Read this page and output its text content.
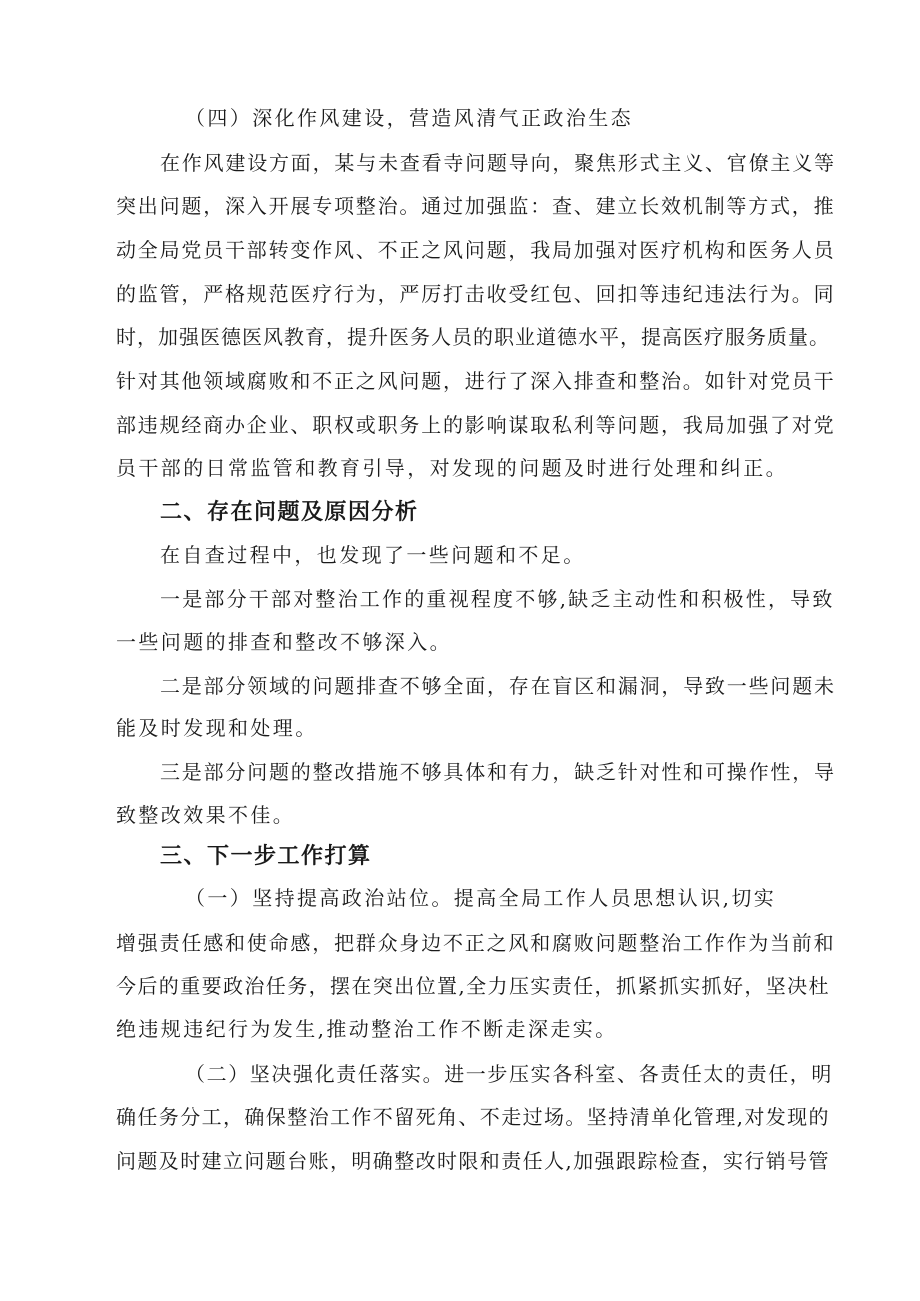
（四）深化作风建设，营造风清气正政治生态
在作风建设方面，某与未查看寺问题导向，聚焦形式主义、官僚主义等
突出问题，深入开展专项整治。通过加强监：查、建立长效机制等方式，推
动全局党员干部转变作风、不正之风问题，我局加强对医疗机构和医务人员
的监管，严格规范医疗行为，严厉打击收受红包、回扣等违纪违法行为。同
时，加强医德医风教育，提升医务人员的职业道德水平，提高医疗服务质量。
针对其他领域腐败和不正之风问题，进行了深入排查和整治。如针对党员干
部违规经商办企业、职权或职务上的影响谋取私利等问题，我局加强了对党
员干部的日常监管和教育引导，对发现的问题及时进行处理和纠正。
二、存在问题及原因分析
在自查过程中，也发现了一些问题和不足。
一是部分干部对整治工作的重视程度不够,缺乏主动性和积极性，导致
一些问题的排查和整改不够深入。
二是部分领域的问题排查不够全面，存在盲区和漏洞，导致一些问题未
能及时发现和处理。
三是部分问题的整改措施不够具体和有力，缺乏针对性和可操作性，导
致整改效果不佳。
三、下一步工作打算
（一）坚持提高政治站位。提高全局工作人员思想认识,切实
增强责任感和使命感，把群众身边不正之风和腐败问题整治工作作为当前和
今后的重要政治任务，摆在突出位置,全力压实责任，抓紧抓实抓好，坚决杜
绝违规违纪行为发生,推动整治工作不断走深走实。
（二）坚决强化责任落实。进一步压实各科室、各责任太的责任，明
确任务分工，确保整治工作不留死角、不走过场。坚持清单化管理,对发现的
问题及时建立问题台账，明确整改时限和责任人,加强跟踪检查，实行销号管
